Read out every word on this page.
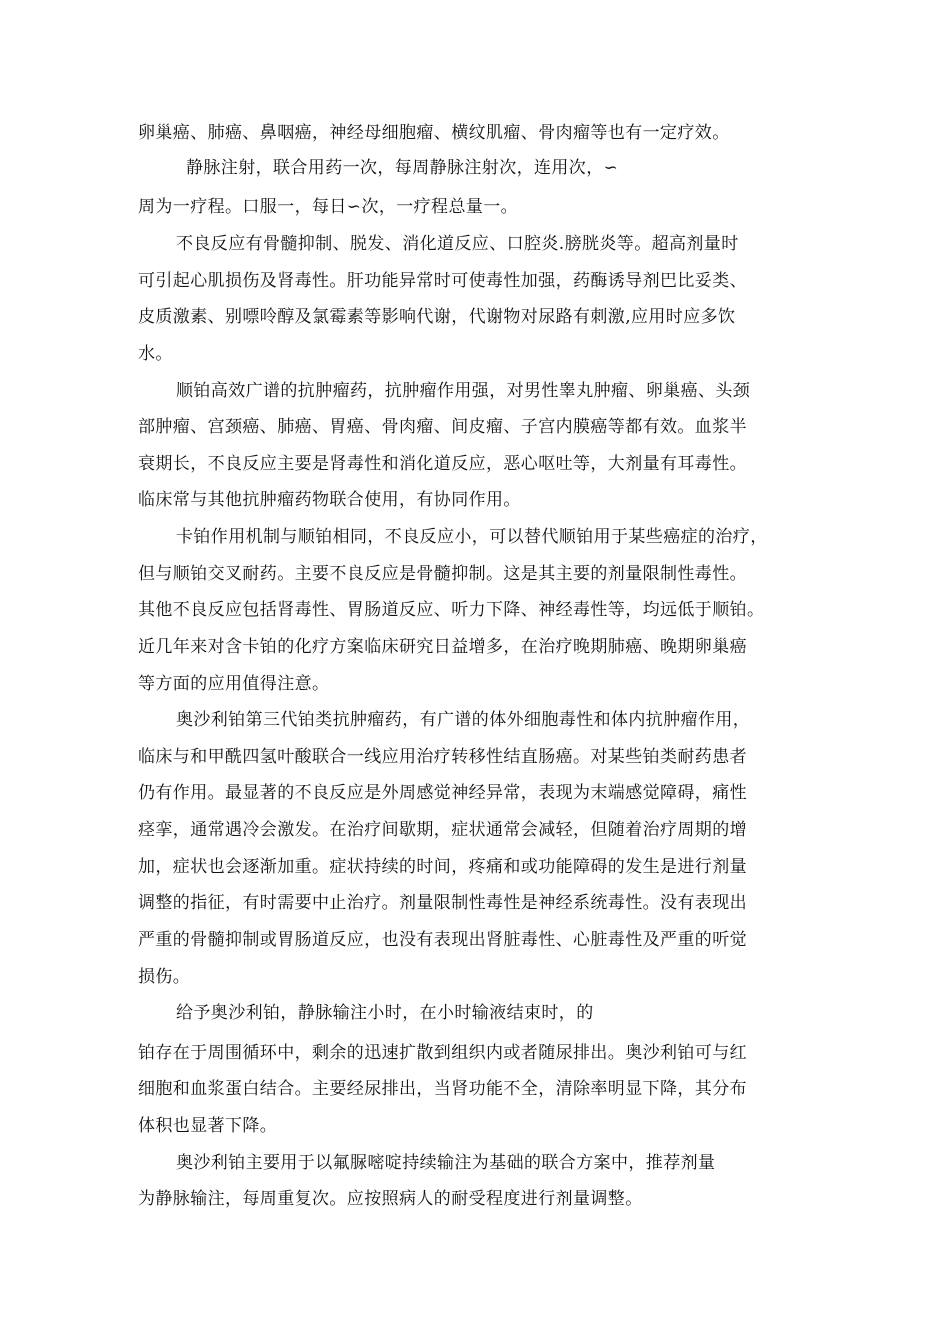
卵巢癌、肺癌、鼻咽癌，神经母细胞瘤、横纹肌瘤、骨肉瘤等也有一定疗效。
静脉注射，联合用药一次，每周静脉注射次，连用次，∽
周为一疗程。口服一，每日∽次，一疗程总量一。
不良反应有骨髓抑制、脱发、消化道反应、口腔炎.膀胱炎等。超高剂量时
可引起心肌损伤及肾毒性。肝功能异常时可使毒性加强，药酶诱导剂巴比妥类、
皮质激素、别嘌呤醇及氯霉素等影响代谢，代谢物对尿路有刺激,应用时应多饮
水。
顺铂高效广谱的抗肿瘤药，抗肿瘤作用强，对男性睾丸肿瘤、卵巢癌、头颈
部肿瘤、宫颈癌、肺癌、胃癌、骨肉瘤、间皮瘤、子宫内膜癌等都有效。血浆半
衰期长，不良反应主要是肾毒性和消化道反应，恶心呕吐等，大剂量有耳毒性。
临床常与其他抗肿瘤药物联合使用，有协同作用。
卡铂作用机制与顺铂相同，不良反应小，可以替代顺铂用于某些癌症的治疗，
但与顺铂交叉耐药。主要不良反应是骨髓抑制。这是其主要的剂量限制性毒性。
其他不良反应包括肾毒性、胃肠道反应、听力下降、神经毒性等，均远低于顺铂。
近几年来对含卡铂的化疗方案临床研究日益增多，在治疗晚期肺癌、晚期卵巢癌
等方面的应用值得注意。
奥沙利铂第三代铂类抗肿瘤药，有广谱的体外细胞毒性和体内抗肿瘤作用，
临床与和甲酰四氢叶酸联合一线应用治疗转移性结直肠癌。对某些铂类耐药患者
仍有作用。最显著的不良反应是外周感觉神经异常，表现为末端感觉障碍，痛性
痉挛，通常遇冷会激发。在治疗间歇期，症状通常会减轻，但随着治疗周期的增
加，症状也会逐渐加重。症状持续的时间，疼痛和或功能障碍的发生是进行剂量
调整的指征，有时需要中止治疗。剂量限制性毒性是神经系统毒性。没有表现出
严重的骨髓抑制或胃肠道反应，也没有表现出肾脏毒性、心脏毒性及严重的听觉
损伤。
给予奥沙利铂，静脉输注小时，在小时输液结束时，的
铂存在于周围循环中，剩余的迅速扩散到组织内或者随尿排出。奥沙利铂可与红
细胞和血浆蛋白结合。主要经尿排出，当肾功能不全，清除率明显下降，其分布
体积也显著下降。
奥沙利铂主要用于以氟脲嘧啶持续输注为基础的联合方案中，推荐剂量
为静脉输注，每周重复次。应按照病人的耐受程度进行剂量调整。
